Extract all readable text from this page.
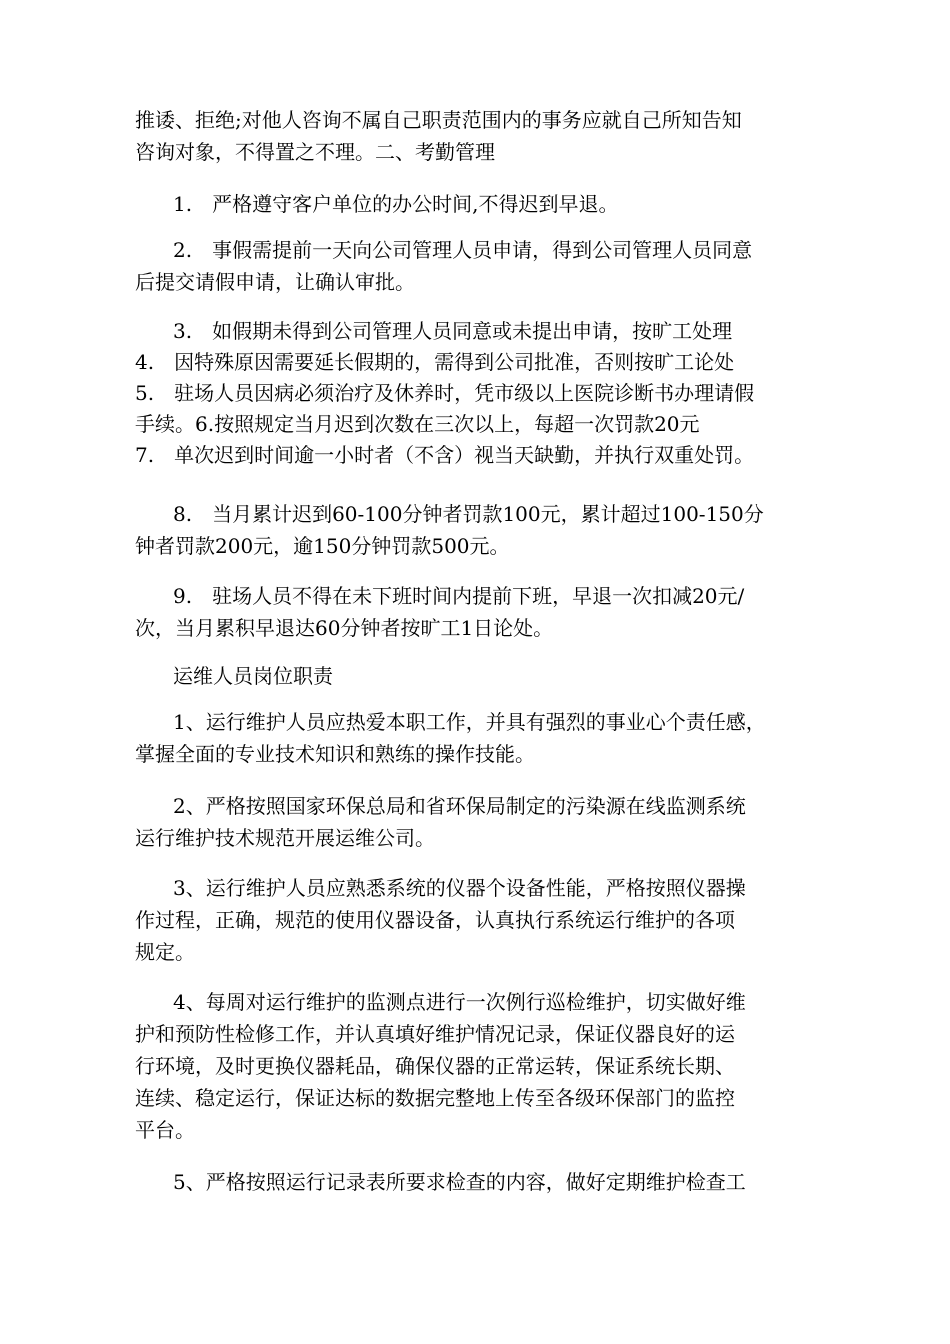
推诿、拒绝;对他人咨询不属自己职责范围内的事务应就自己所知告知

咨询对象，不得置之不理。二、考勤管理

1.　严格遵守客户单位的办公时间,不得迟到早退。

2.　事假需提前一天向公司管理人员申请，得到公司管理人员同意

后提交请假申请，让确认审批。

3.　如假期未得到公司管理人员同意或未提出申请，按旷工处理

4.　因特殊原因需要延长假期的，需得到公司批准，否则按旷工论处

5.　驻场人员因病必须治疗及休养时，凭市级以上医院诊断书办理请假

手续。6.按照规定当月迟到次数在三次以上，每超一次罚款20元

7.　单次迟到时间逾一小时者（不含）视当天缺勤，并执行双重处罚。

8.　当月累计迟到60-100分钟者罚款100元，累计超过100-150分

钟者罚款200元，逾150分钟罚款500元。

9.　驻场人员不得在未下班时间内提前下班，早退一次扣减20元/

次，当月累积早退达60分钟者按旷工1日论处。

运维人员岗位职责

1、运行维护人员应热爱本职工作，并具有强烈的事业心个责任感，

掌握全面的专业技术知识和熟练的操作技能。

2、严格按照国家环保总局和省环保局制定的污染源在线监测系统

运行维护技术规范开展运维公司。

3、运行维护人员应熟悉系统的仪器个设备性能，严格按照仪器操

作过程，正确，规范的使用仪器设备，认真执行系统运行维护的各项

规定。

4、每周对运行维护的监测点进行一次例行巡检维护，切实做好维

护和预防性检修工作，并认真填好维护情况记录，保证仪器良好的运

行环境，及时更换仪器耗品，确保仪器的正常运转，保证系统长期、

连续、稳定运行，保证达标的数据完整地上传至各级环保部门的监控

平台。

5、严格按照运行记录表所要求检查的内容，做好定期维护检查工
